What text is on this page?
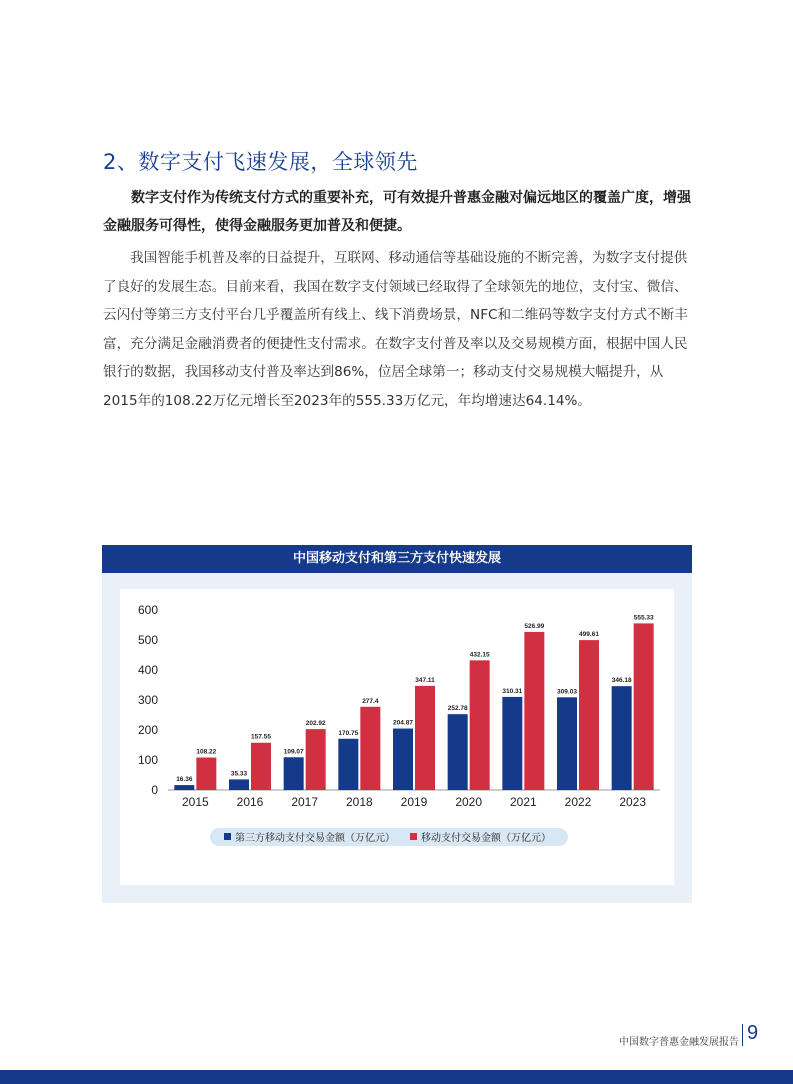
2、数字支付飞速发展，全球领先

数字支付作为传统支付方式的重要补充，可有效提升普惠金融对偏远地区的覆盖广度，增强金融服务可得性，使得金融服务更加普及和便捷。

我国智能手机普及率的日益提升，互联网、移动通信等基础设施的不断完善，为数字支付提供了良好的发展生态。目前来看，我国在数字支付领域已经取得了全球领先的地位，支付宝、微信、云闪付等第三方支付平台几乎覆盖所有线上、线下消费场景，NFC和二维码等数字支付方式不断丰富，充分满足金融消费者的便捷性支付需求。在数字支付普及率以及交易规模方面，根据中国人民银行的数据，我国移动支付普及率达到86%，位居全球第一；移动支付交易规模大幅提升，从2015年的108.22万亿元增长至2023年的555.33万亿元，年均增速达64.14%。

中国移动支付和第三方支付快速发展
0
100
200
300
400
500
600
16.36
108.22
2015
35.33
157.55
2016
109.07
202.92
2017
170.75
277.4
2018
204.87
347.11
2019
252.78
432.15
2020
310.31
526.99
2021
309.03
499.61
2022
346.18
555.33
2023
第三方移动支付交易金额（万亿元）	移动支付交易金额（万亿元）
中国数字普惠金融发展报告 9
